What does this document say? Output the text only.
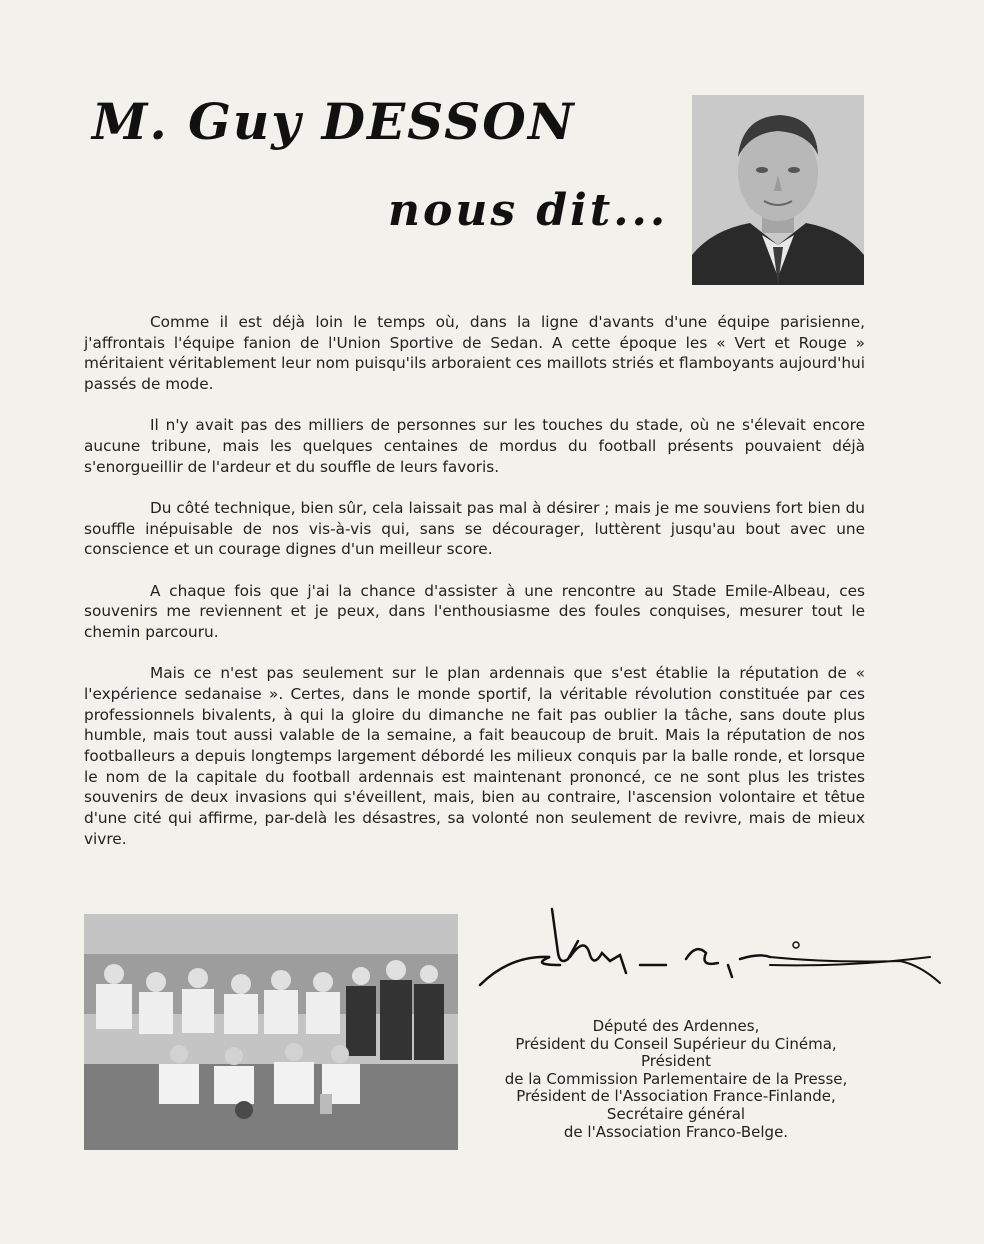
M. Guy DESSON
nous dit...

Comme il est déjà loin le temps où, dans la ligne d'avants d'une équipe parisienne, j'affrontais l'équipe fanion de l'Union Sportive de Sedan. A cette époque les « Vert et Rouge » méritaient véritablement leur nom puisqu'ils arboraient ces maillots striés et flamboyants aujourd'hui passés de mode.

Il n'y avait pas des milliers de personnes sur les touches du stade, où ne s'élevait encore aucune tribune, mais les quelques centaines de mordus du football présents pouvaient déjà s'enorgueillir de l'ardeur et du souffle de leurs favoris.

Du côté technique, bien sûr, cela laissait pas mal à désirer ; mais je me souviens fort bien du souffle inépuisable de nos vis-à-vis qui, sans se décourager, luttèrent jusqu'au bout avec une conscience et un courage dignes d'un meilleur score.

A chaque fois que j'ai la chance d'assister à une rencontre au Stade Emile-Albeau, ces souvenirs me reviennent et je peux, dans l'enthousiasme des foules conquises, mesurer tout le chemin parcouru.

Mais ce n'est pas seulement sur le plan ardennais que s'est établie la réputation de « l'expérience sedanaise ». Certes, dans le monde sportif, la véritable révolution constituée par ces professionnels bivalents, à qui la gloire du dimanche ne fait pas oublier la tâche, sans doute plus humble, mais tout aussi valable de la semaine, a fait beaucoup de bruit. Mais la réputation de nos footballeurs a depuis longtemps largement débordé les milieux conquis par la balle ronde, et lorsque le nom de la capitale du football ardennais est maintenant prononcé, ce ne sont plus les tristes souvenirs de deux invasions qui s'éveillent, mais, bien au contraire, l'ascension volontaire et têtue d'une cité qui affirme, par-delà les désastres, sa volonté non seulement de revivre, mais de mieux vivre.

Député des Ardennes,
Président du Conseil Supérieur du Cinéma,
Président
de la Commission Parlementaire de la Presse,
Président de l'Association France-Finlande,
Secrétaire général
de l'Association Franco-Belge.
